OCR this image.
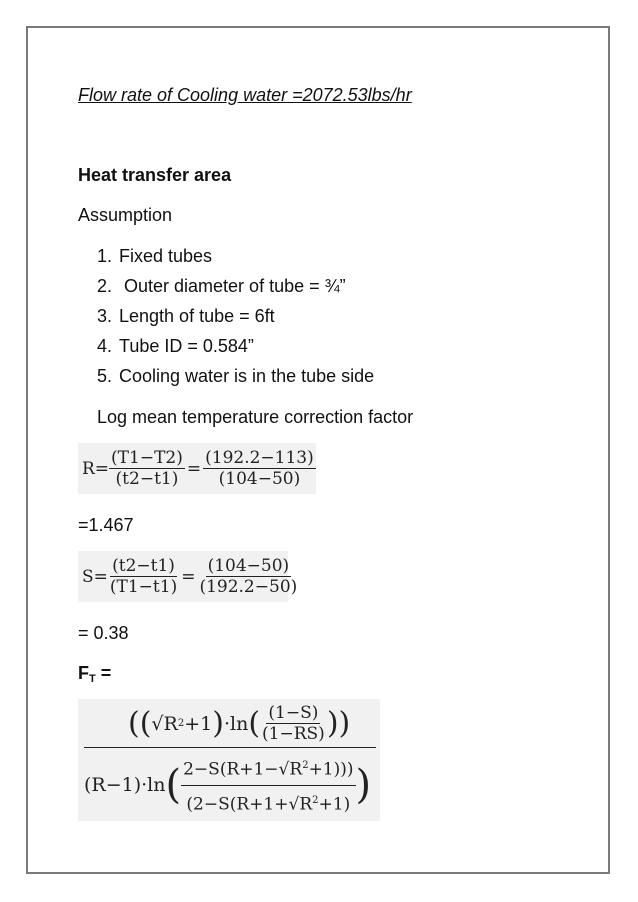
Flow rate of Cooling water =2072.53lbs/hr
Heat transfer area
Assumption
1. Fixed tubes
2. Outer diameter of tube = ¾”
3. Length of tube = 6ft
4. Tube ID = 0.584”
5. Cooling water is in the tube side
Log mean temperature correction factor
$R= \frac{(T1-T2)}{(t2-t1)} = \frac{(192.2-113)}{(104-50)}$
=1.467
$S= \frac{(t2-t1)}{(T1-t1)} = \frac{(104-50)}{(192.2-50)}$
= 0.38
$F_T$ =
(( √R 2 +1 ) ·ln ( $\frac{(1-S)}{(1-RS)}$ ))
(R−1)·ln ( $\frac{2-S(R+1-√R^2+1)))}{(2-S(R+1+√R^2+1)}$ )
